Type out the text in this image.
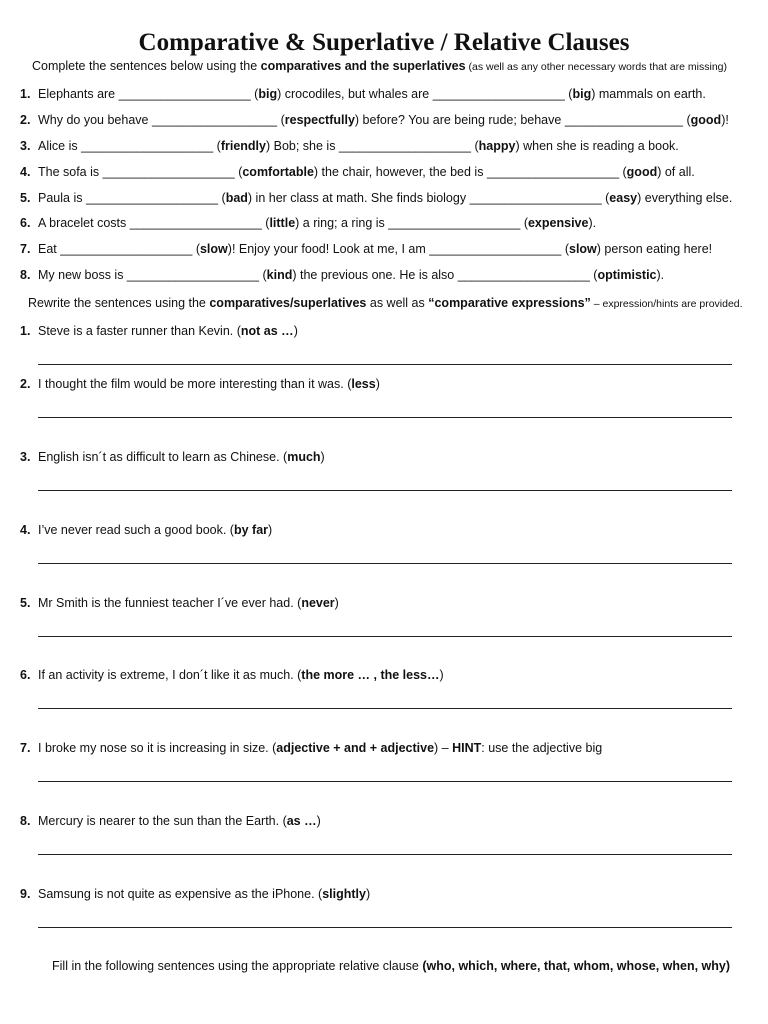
Comparative & Superlative / Relative Clauses
Complete the sentences below using the comparatives and the superlatives (as well as any other necessary words that are missing)
1. Elephants are ___________________ (big) crocodiles, but whales are ___________________ (big) mammals on earth.
2. Why do you behave __________________ (respectfully) before? You are being rude; behave _________________ (good)!
3. Alice is ___________________ (friendly) Bob; she is ___________________ (happy) when she is reading a book.
4. The sofa is ___________________ (comfortable) the chair, however, the bed is ___________________ (good) of all.
5. Paula is ___________________ (bad) in her class at math. She finds biology ___________________ (easy) everything else.
6. A bracelet costs ___________________ (little) a ring; a ring is ___________________ (expensive).
7. Eat ___________________ (slow)! Enjoy your food! Look at me, I am ___________________ (slow) person eating here!
8. My new boss is ___________________ (kind) the previous one. He is also ___________________ (optimistic).
Rewrite the sentences using the comparatives/superlatives as well as “comparative expressions” – expression/hints are provided.
1. Steve is a faster runner than Kevin. (not as …)
2. I thought the film would be more interesting than it was. (less)
3. English isn´t as difficult to learn as Chinese. (much)
4. I’ve never read such a good book. (by far)
5. Mr Smith is the funniest teacher I´ve ever had. (never)
6. If an activity is extreme, I don´t like it as much. (the more … , the less…)
7. I broke my nose so it is increasing in size. (adjective + and + adjective) – HINT: use the adjective big
8. Mercury is nearer to the sun than the Earth. (as …)
9. Samsung is not quite as expensive as the iPhone. (slightly)
Fill in the following sentences using the appropriate relative clause (who, which, where, that, whom, whose, when, why)
